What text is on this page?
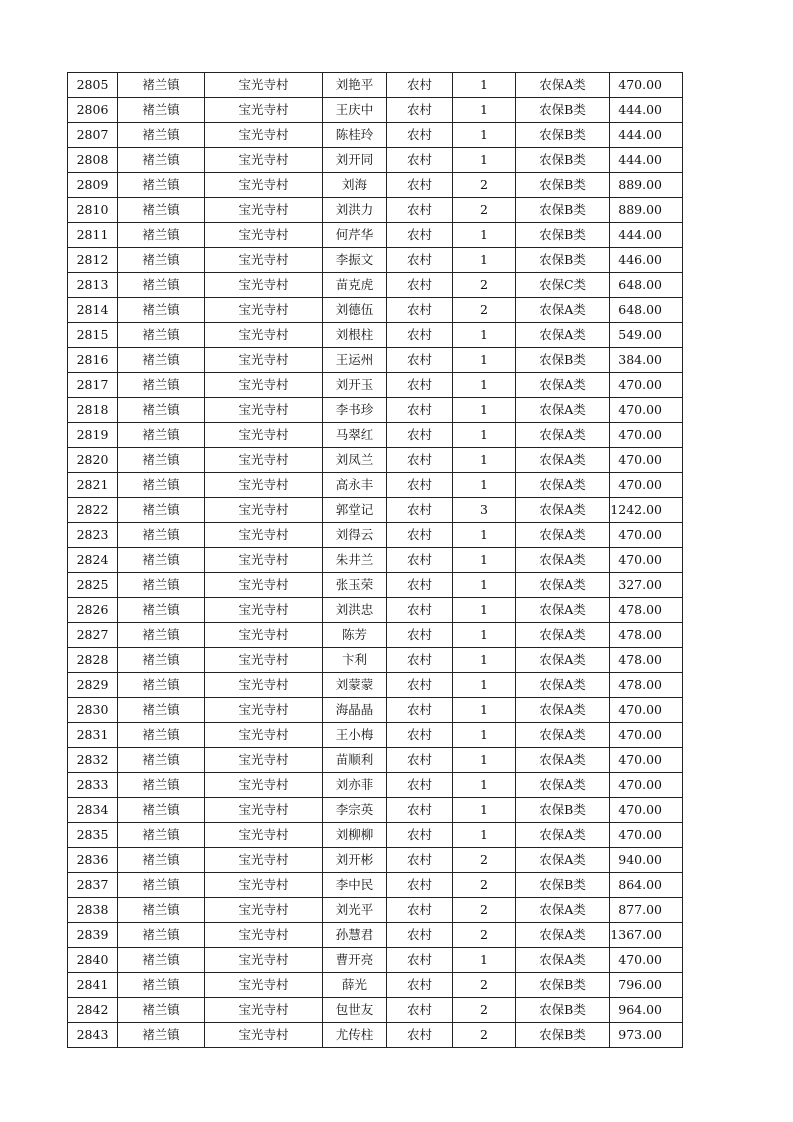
2805	褚兰镇	宝光寺村	刘艳平	农村	1	农保A类	470.00
2806	褚兰镇	宝光寺村	王庆中	农村	1	农保B类	444.00
2807	褚兰镇	宝光寺村	陈桂玲	农村	1	农保B类	444.00
2808	褚兰镇	宝光寺村	刘开同	农村	1	农保B类	444.00
2809	褚兰镇	宝光寺村	刘海	农村	2	农保B类	889.00
2810	褚兰镇	宝光寺村	刘洪力	农村	2	农保B类	889.00
2811	褚兰镇	宝光寺村	何芹华	农村	1	农保B类	444.00
2812	褚兰镇	宝光寺村	李振文	农村	1	农保B类	446.00
2813	褚兰镇	宝光寺村	苗克虎	农村	2	农保C类	648.00
2814	褚兰镇	宝光寺村	刘德伍	农村	2	农保A类	648.00
2815	褚兰镇	宝光寺村	刘根柱	农村	1	农保A类	549.00
2816	褚兰镇	宝光寺村	王运州	农村	1	农保B类	384.00
2817	褚兰镇	宝光寺村	刘开玉	农村	1	农保A类	470.00
2818	褚兰镇	宝光寺村	李书珍	农村	1	农保A类	470.00
2819	褚兰镇	宝光寺村	马翠红	农村	1	农保A类	470.00
2820	褚兰镇	宝光寺村	刘凤兰	农村	1	农保A类	470.00
2821	褚兰镇	宝光寺村	高永丰	农村	1	农保A类	470.00
2822	褚兰镇	宝光寺村	郭堂记	农村	3	农保A类	1242.00
2823	褚兰镇	宝光寺村	刘得云	农村	1	农保A类	470.00
2824	褚兰镇	宝光寺村	朱井兰	农村	1	农保A类	470.00
2825	褚兰镇	宝光寺村	张玉荣	农村	1	农保A类	327.00
2826	褚兰镇	宝光寺村	刘洪忠	农村	1	农保A类	478.00
2827	褚兰镇	宝光寺村	陈芳	农村	1	农保A类	478.00
2828	褚兰镇	宝光寺村	卞利	农村	1	农保A类	478.00
2829	褚兰镇	宝光寺村	刘蒙蒙	农村	1	农保A类	478.00
2830	褚兰镇	宝光寺村	海晶晶	农村	1	农保A类	470.00
2831	褚兰镇	宝光寺村	王小梅	农村	1	农保A类	470.00
2832	褚兰镇	宝光寺村	苗顺利	农村	1	农保A类	470.00
2833	褚兰镇	宝光寺村	刘亦菲	农村	1	农保A类	470.00
2834	褚兰镇	宝光寺村	李宗英	农村	1	农保B类	470.00
2835	褚兰镇	宝光寺村	刘柳柳	农村	1	农保A类	470.00
2836	褚兰镇	宝光寺村	刘开彬	农村	2	农保A类	940.00
2837	褚兰镇	宝光寺村	李中民	农村	2	农保B类	864.00
2838	褚兰镇	宝光寺村	刘光平	农村	2	农保A类	877.00
2839	褚兰镇	宝光寺村	孙慧君	农村	2	农保A类	1367.00
2840	褚兰镇	宝光寺村	曹开亮	农村	1	农保A类	470.00
2841	褚兰镇	宝光寺村	薛光	农村	2	农保B类	796.00
2842	褚兰镇	宝光寺村	包世友	农村	2	农保B类	964.00
2843	褚兰镇	宝光寺村	尤传柱	农村	2	农保B类	973.00
